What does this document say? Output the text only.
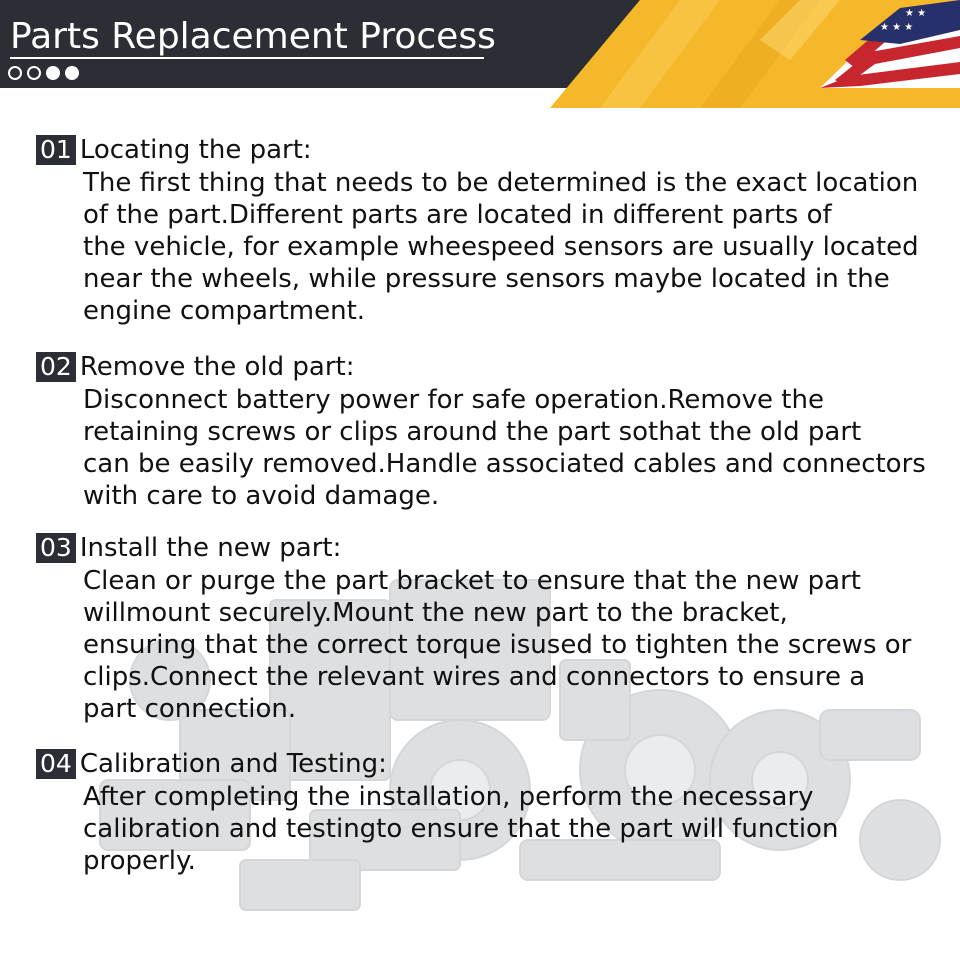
★ ★ ★
★ ★
Parts Replacement Process
01 Locating the part:
The first thing that needs to be determined is the exact location
of the part.Different parts are located in different parts of
the vehicle, for example wheespeed sensors are usually located
near the wheels, while pressure sensors maybe located in the
engine compartment.
02 Remove the old part:
Disconnect battery power for safe operation.Remove the
retaining screws or clips around the part sothat the old part
can be easily removed.Handle associated cables and connectors
with care to avoid damage.
03 Install the new part:
Clean or purge the part bracket to ensure that the new part
willmount securely.Mount the new part to the bracket,
ensuring that the correct torque isused to tighten the screws or
clips.Connect the relevant wires and connectors to ensure a
part connection.
04 Calibration and Testing:
After completing the installation, perform the necessary
calibration and testingto ensure that the part will function
properly.
